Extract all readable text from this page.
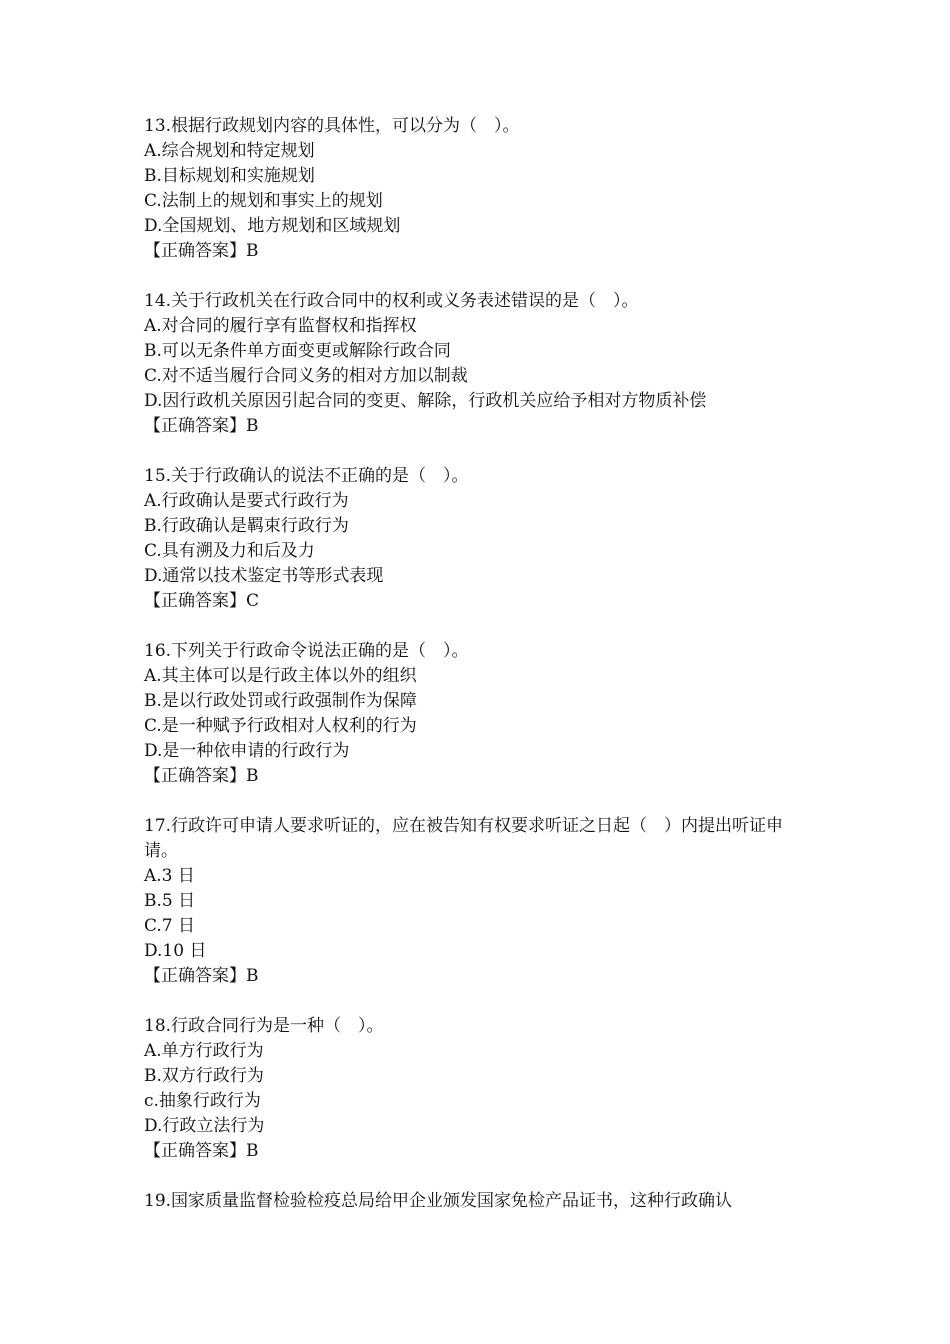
13.根据行政规划内容的具体性，可以分为（　）。
A.综合规划和特定规划
B.目标规划和实施规划
C.法制上的规划和事实上的规划
D.全国规划、地方规划和区域规划
【正确答案】B
14.关于行政机关在行政合同中的权利或义务表述错误的是（　）。
A.对合同的履行享有监督权和指挥权
B.可以无条件单方面变更或解除行政合同
C.对不适当履行合同义务的相对方加以制裁
D.因行政机关原因引起合同的变更、解除，行政机关应给予相对方物质补偿
【正确答案】B
15.关于行政确认的说法不正确的是（　）。
A.行政确认是要式行政行为
B.行政确认是羁束行政行为
C.具有溯及力和后及力
D.通常以技术鉴定书等形式表现
【正确答案】C
16.下列关于行政命令说法正确的是（　）。
A.其主体可以是行政主体以外的组织
B.是以行政处罚或行政强制作为保障
C.是一种赋予行政相对人权利的行为
D.是一种依申请的行政行为
【正确答案】B
17.行政许可申请人要求听证的，应在被告知有权要求听证之日起（　）内提出听证申请。
A.3 日
B.5 日
C.7 日
D.10 日
【正确答案】B
18.行政合同行为是一种（　）。
A.单方行政行为
B.双方行政行为
c.抽象行政行为
D.行政立法行为
【正确答案】B
19.国家质量监督检验检疫总局给甲企业颁发国家免检产品证书，这种行政确认
